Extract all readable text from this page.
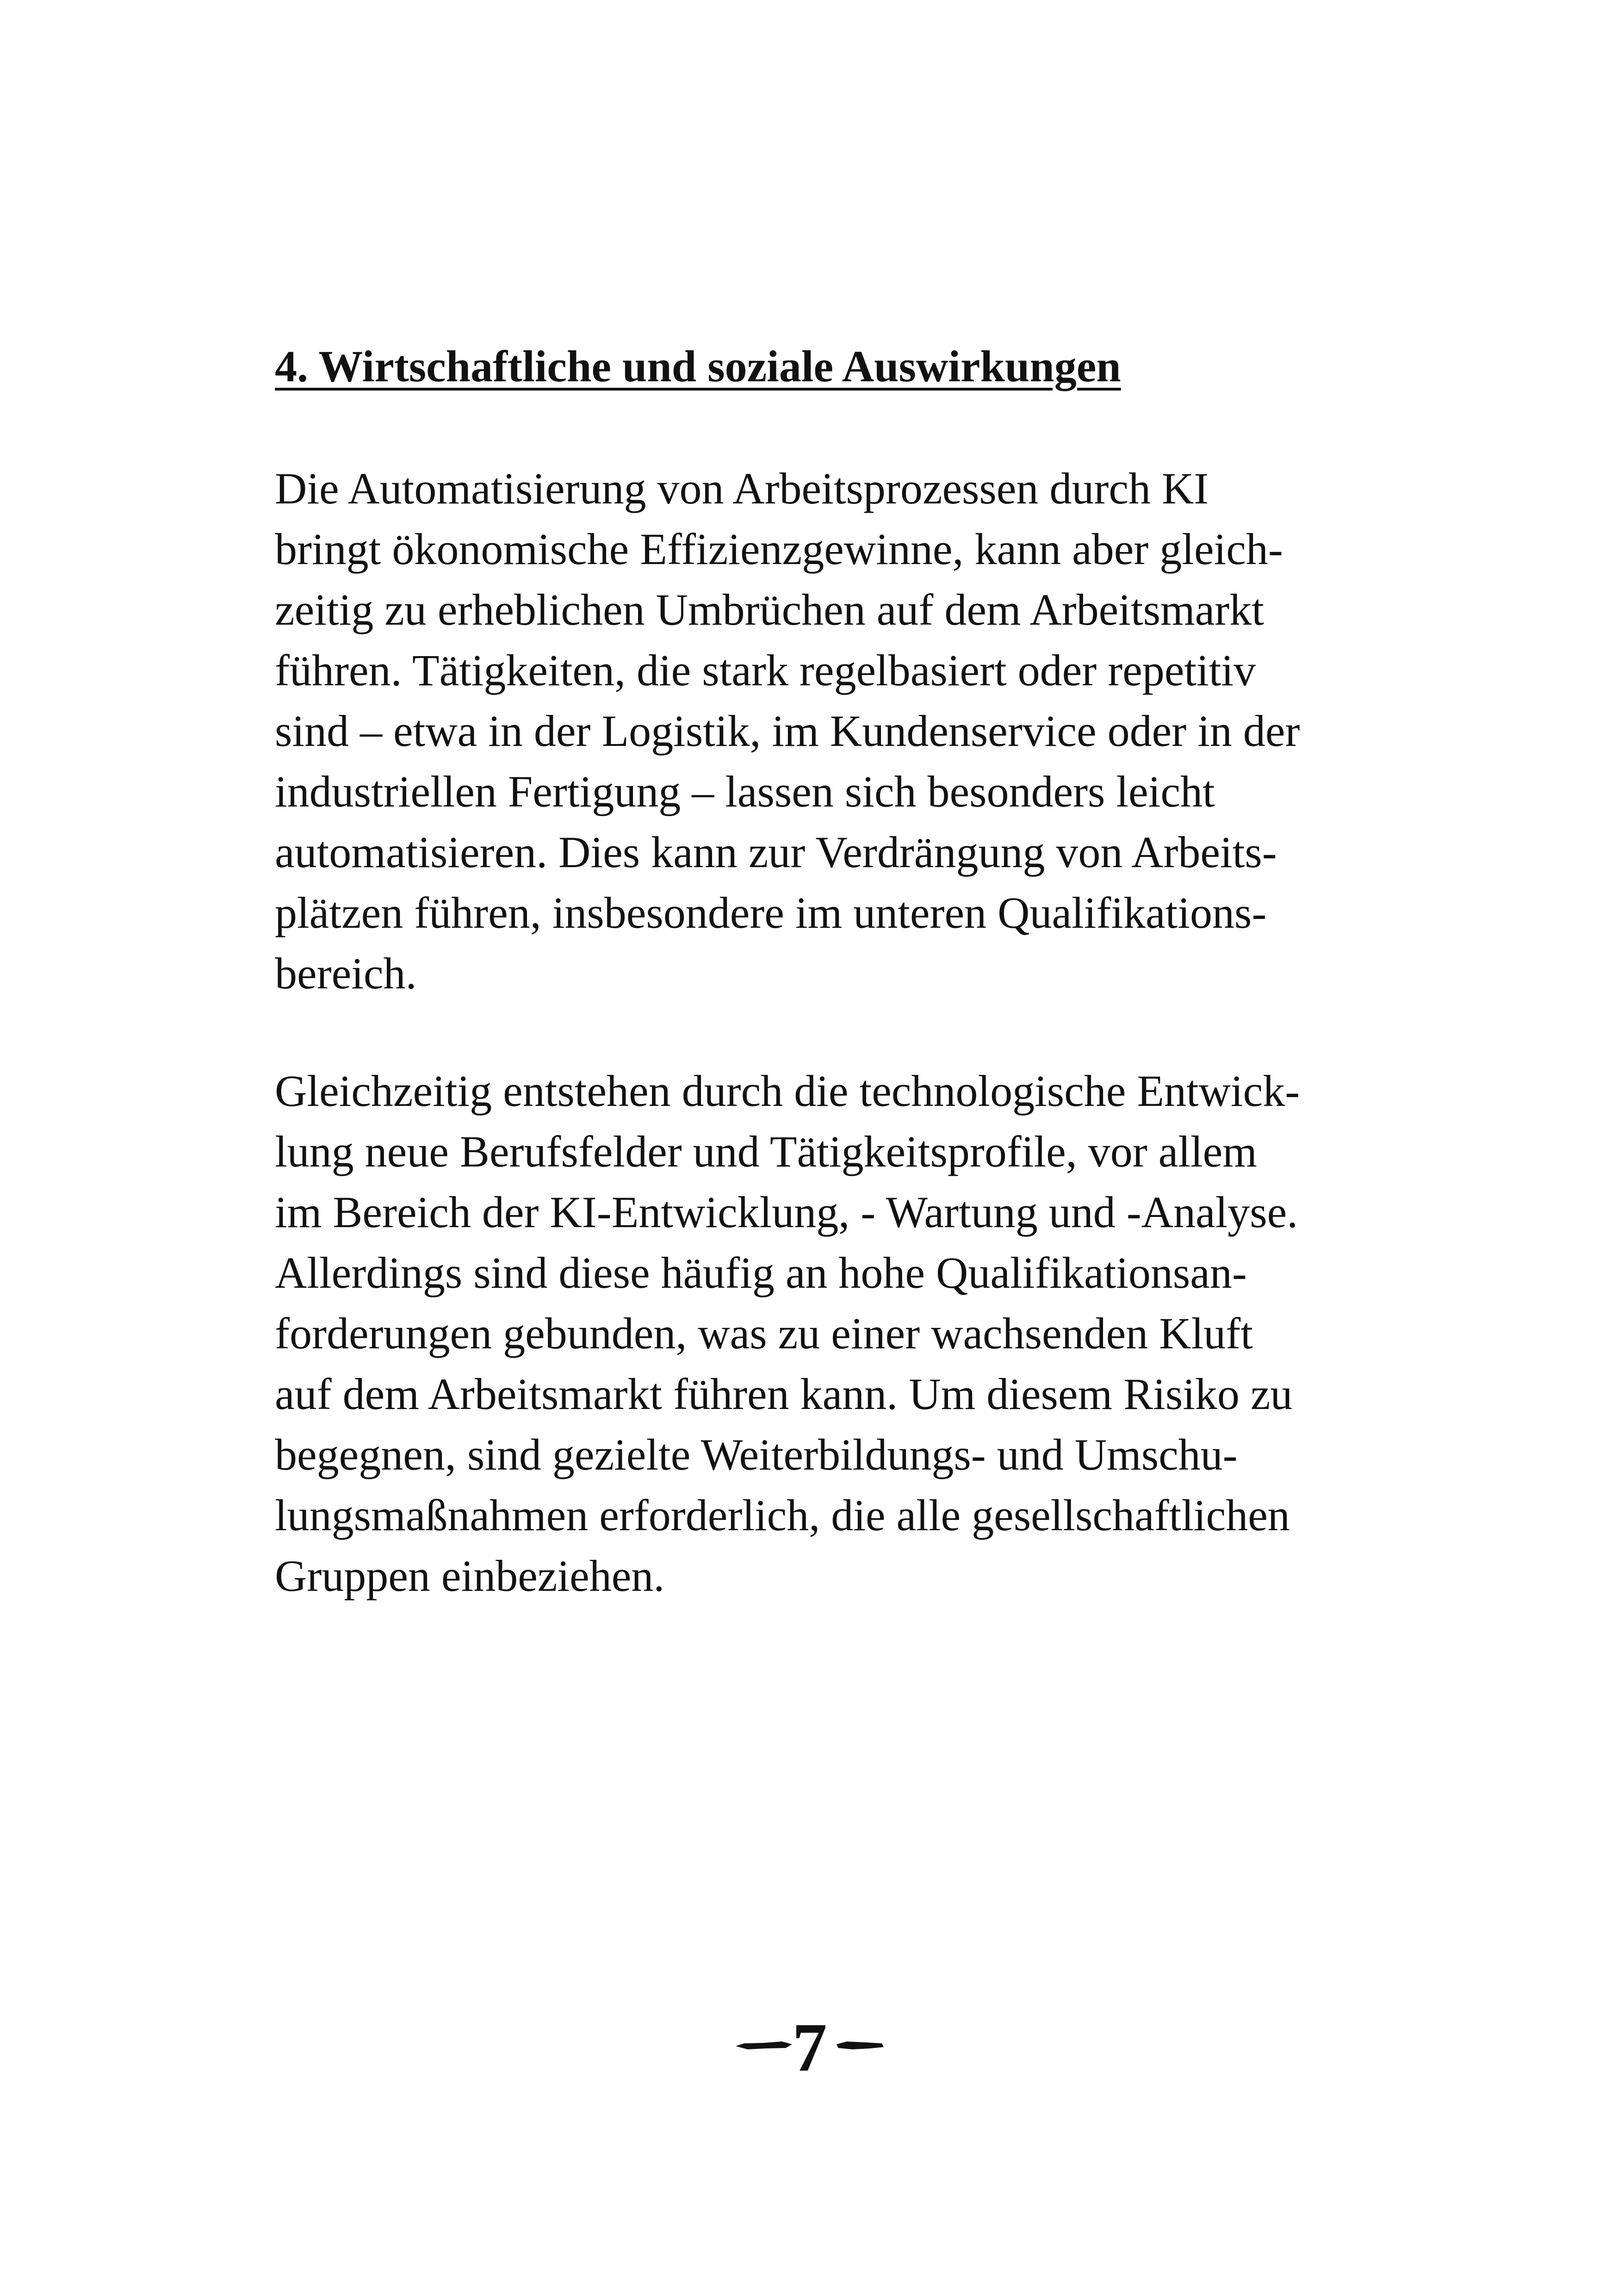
4. Wirtschaftliche und soziale Auswirkungen

Die Automatisierung von Arbeitsprozessen durch KI
bringt ökonomische Effizienzgewinne, kann aber gleich-
zeitig zu erheblichen Umbrüchen auf dem Arbeitsmarkt
führen. Tätigkeiten, die stark regelbasiert oder repetitiv
sind – etwa in der Logistik, im Kundenservice oder in der
industriellen Fertigung – lassen sich besonders leicht
automatisieren. Dies kann zur Verdrängung von Arbeits-
plätzen führen, insbesondere im unteren Qualifikations-
bereich.

Gleichzeitig entstehen durch die technologische Entwick-
lung neue Berufsfelder und Tätigkeitsprofile, vor allem
im Bereich der KI-Entwicklung, - Wartung und -Analyse.
Allerdings sind diese häufig an hohe Qualifikationsan-
forderungen gebunden, was zu einer wachsenden Kluft
auf dem Arbeitsmarkt führen kann. Um diesem Risiko zu
begegnen, sind gezielte Weiterbildungs- und Umschu-
lungsmaßnahmen erforderlich, die alle gesellschaftlichen
Gruppen einbeziehen.

7
